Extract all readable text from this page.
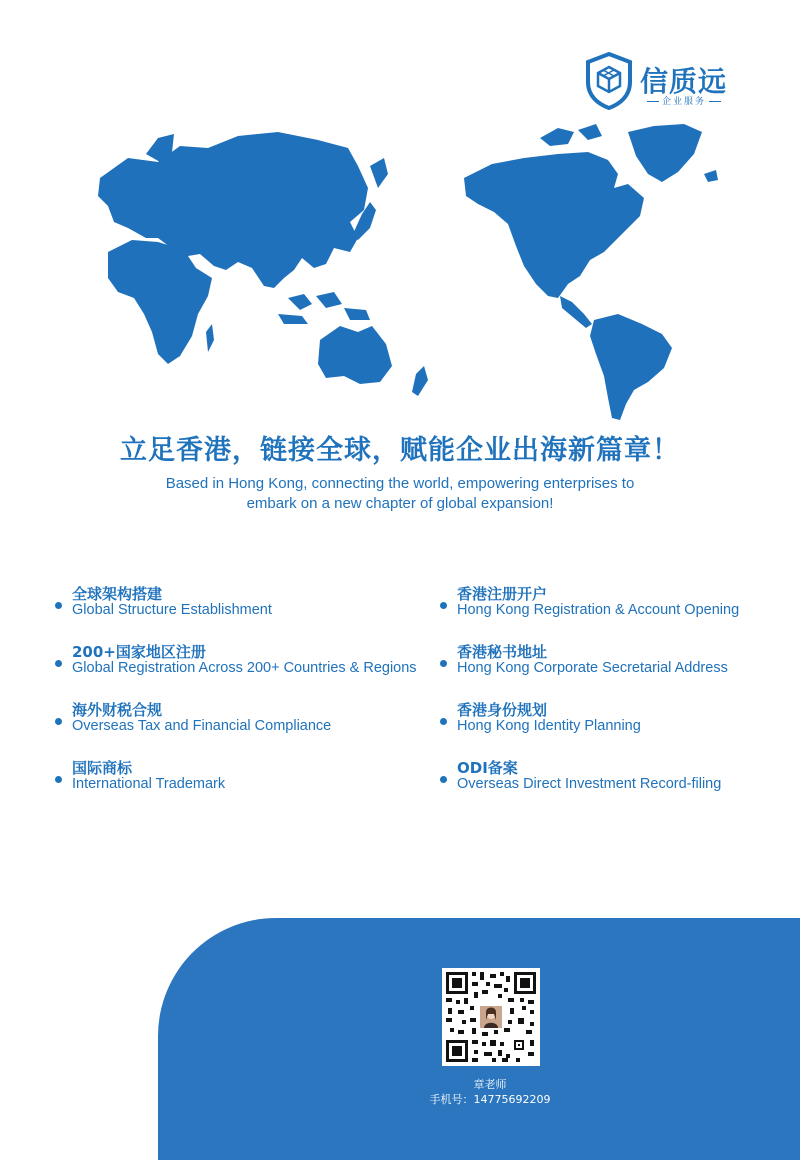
信质远
企业服务
立足香港，链接全球，赋能企业出海新篇章！
Based in Hong Kong, connecting the world, empowering enterprises to
embark on a new chapter of global expansion!
全球架构搭建
Global Structure Establishment
200+国家地区注册
Global Registration Across 200+ Countries & Regions
海外财税合规
Overseas Tax and Financial Compliance
国际商标
International Trademark
香港注册开户
Hong Kong Registration & Account Opening
香港秘书地址
Hong Kong Corporate Secretarial Address
香港身份规划
Hong Kong Identity Planning
ODI备案
Overseas Direct Investment Record-filing
章老师
手机号：14775692209
